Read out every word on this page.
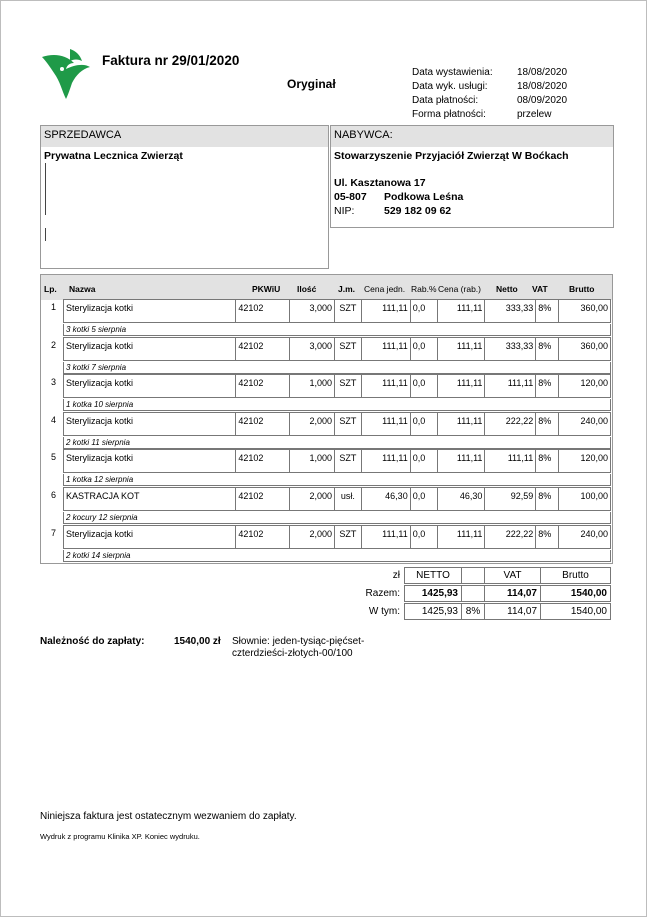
Faktura nr 29/01/2020
Oryginał
Data wystawienia:	18/08/2020
Data wyk. usługi:	18/08/2020
Data płatności:	08/09/2020
Forma płatności:	przelew
SPRZEDAWCA
Prywatna Lecznica Zwierząt
NABYWCA:
Stowarzyszenie Przyjaciół Zwierząt W Boćkach
Ul. Kasztanowa 17
05-807 Podkowa Leśna
NIP:	529 182 09 62
Lp. Nazwa	PKWiU Ilość	J.m. Cena jedn. Rab.% Cena (rab.) Netto VAT	Brutto
1 Sterylizacja kotki	42102	3,000 SZT	111,11 0,0	111,11	333,33 8%	360,00
3 kotki 5 sierpnia
2 Sterylizacja kotki	42102	3,000 SZT	111,11 0,0	111,11	333,33 8%	360,00
3 kotki 7 sierpnia
3 Sterylizacja kotki	42102	1,000 SZT	111,11 0,0	111,11	111,11 8%	120,00
1 kotka 10 sierpnia
4 Sterylizacja kotki	42102	2,000 SZT	111,11 0,0	111,11	222,22 8%	240,00
2 kotki 11 sierpnia
5 Sterylizacja kotki	42102	1,000 SZT	111,11 0,0	111,11	111,11 8%	120,00
1 kotka 12 sierpnia
6 KASTRACJA KOT	42102	2,000 usł.	46,30 0,0	46,30	92,59 8%	100,00
2 kocury 12 sierpnia
7 Sterylizacja kotki	42102	2,000 SZT	111,11 0,0	111,11	222,22 8%	240,00
2 kotki 14 sierpnia
zł	NETTO	VAT	Brutto
Razem:	1425,93	114,07	1540,00
W tym:	1425,93 8%	114,07	1540,00
Należność do zapłaty:	1540,00 zł Słownie: jeden-tysiąc-pięćset-czterdzieści-złotych-00/100
Niniejsza faktura jest ostatecznym wezwaniem do zapłaty.
Wydruk z programu Klinika XP. Koniec wydruku.
